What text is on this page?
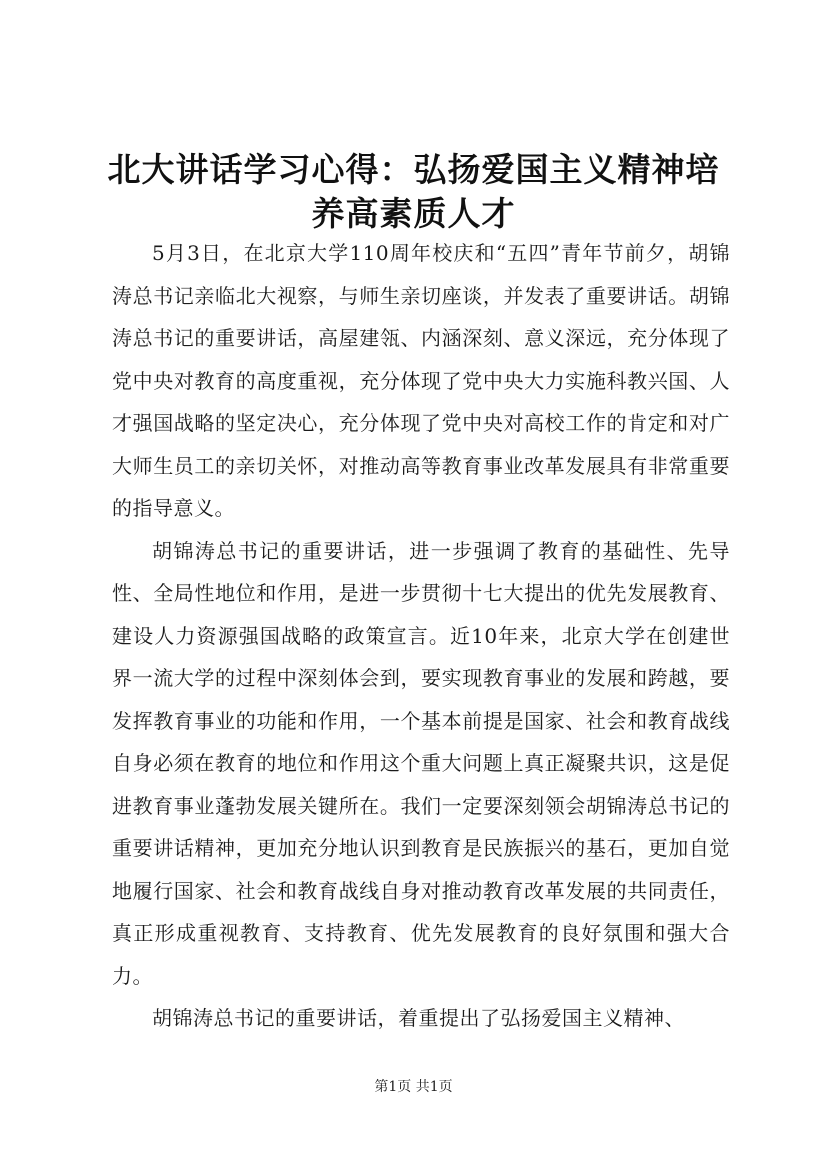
北大讲话学习心得：弘扬爱国主义精神培养高素质人才

5月3日，在北京大学110周年校庆和“五四”青年节前夕，胡锦涛总书记亲临北大视察，与师生亲切座谈，并发表了重要讲话。胡锦涛总书记的重要讲话，高屋建瓴、内涵深刻、意义深远，充分体现了党中央对教育的高度重视，充分体现了党中央大力实施科教兴国、人才强国战略的坚定决心，充分体现了党中央对高校工作的肯定和对广大师生员工的亲切关怀，对推动高等教育事业改革发展具有非常重要的指导意义。

胡锦涛总书记的重要讲话，进一步强调了教育的基础性、先导性、全局性地位和作用，是进一步贯彻十七大提出的优先发展教育、建设人力资源强国战略的政策宣言。近10年来，北京大学在创建世界一流大学的过程中深刻体会到，要实现教育事业的发展和跨越，要发挥教育事业的功能和作用，一个基本前提是国家、社会和教育战线自身必须在教育的地位和作用这个重大问题上真正凝聚共识，这是促进教育事业蓬勃发展关键所在。我们一定要深刻领会胡锦涛总书记的重要讲话精神，更加充分地认识到教育是民族振兴的基石，更加自觉地履行国家、社会和教育战线自身对推动教育改革发展的共同责任，真正形成重视教育、支持教育、优先发展教育的良好氛围和强大合力。

胡锦涛总书记的重要讲话，着重提出了弘扬爱国主义精神、

第1页 共1页
